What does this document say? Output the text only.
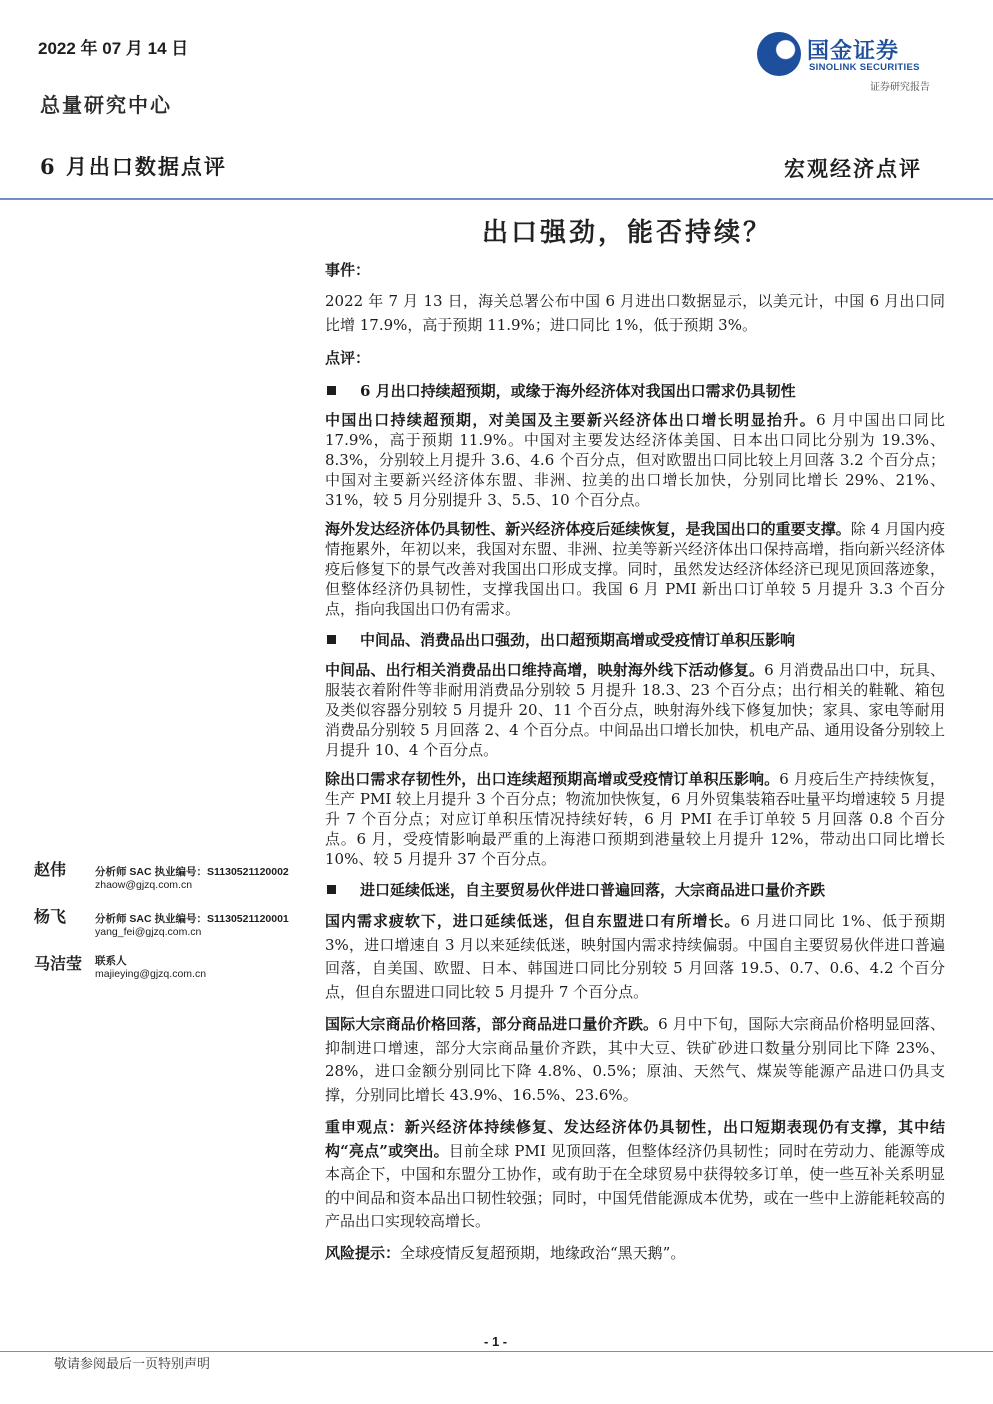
2022 年 07 月 14 日	国金证券
SINOLINK SECURITIES
证券研究报告
总量研究中心
6 月出口数据点评	宏观经济点评
出口强劲，能否持续？

事件：

2022 年 7 月 13 日，海关总署公布中国 6 月进出口数据显示，以美元计，中国 6 月出口同比增 17.9%，高于预期 11.9%；进口同比 1%，低于预期 3%。

点评：

6 月出口持续超预期，或缘于海外经济体对我国出口需求仍具韧性

中国出口持续超预期，对美国及主要新兴经济体出口增长明显抬升。6 月中国出口同比 17.9%，高于预期 11.9%。中国对主要发达经济体美国、日本出口同比分别为 19.3%、8.3%，分别较上月提升 3.6、4.6 个百分点，但对欧盟出口同比较上月回落 3.2 个百分点；中国对主要新兴经济体东盟、非洲、拉美的出口增长加快，分别同比增长 29%、21%、31%，较 5 月分别提升 3、5.5、10 个百分点。

海外发达经济体仍具韧性、新兴经济体疫后延续恢复，是我国出口的重要支撑。除 4 月国内疫情拖累外，年初以来，我国对东盟、非洲、拉美等新兴经济体出口保持高增，指向新兴经济体疫后修复下的景气改善对我国出口形成支撑。同时，虽然发达经济体经济已现见顶回落迹象，但整体经济仍具韧性，支撑我国出口。我国 6 月 PMI 新出口订单较 5 月提升 3.3 个百分点，指向我国出口仍有需求。

中间品、消费品出口强劲，出口超预期高增或受疫情订单积压影响

中间品、出行相关消费品出口维持高增，映射海外线下活动修复。6 月消费品出口中，玩具、服装衣着附件等非耐用消费品分别较 5 月提升 18.3、23 个百分点；出行相关的鞋靴、箱包及类似容器分别较 5 月提升 20、11 个百分点，映射海外线下修复加快；家具、家电等耐用消费品分别较 5 月回落 2、4 个百分点。中间品出口增长加快，机电产品、通用设备分别较上月提升 10、4 个百分点。

除出口需求存韧性外，出口连续超预期高增或受疫情订单积压影响。6 月疫后生产持续恢复，生产 PMI 较上月提升 3 个百分点；物流加快恢复，6 月外贸集装箱吞吐量平均增速较 5 月提升 7 个百分点；对应订单积压情况持续好转，6 月 PMI 在手订单较 5 月回落 0.8 个百分点。6 月，受疫情影响最严重的上海港口预期到港量较上月提升 12%，带动出口同比增长 10%、较 5 月提升 37 个百分点。

进口延续低迷，自主要贸易伙伴进口普遍回落，大宗商品进口量价齐跌

国内需求疲软下，进口延续低迷，但自东盟进口有所增长。6 月进口同比 1%、低于预期 3%，进口增速自 3 月以来延续低迷，映射国内需求持续偏弱。中国自主要贸易伙伴进口普遍回落，自美国、欧盟、日本、韩国进口同比分别较 5 月回落 19.5、0.7、0.6、4.2 个百分点，但自东盟进口同比较 5 月提升 7 个百分点。

国际大宗商品价格回落，部分商品进口量价齐跌。6 月中下旬，国际大宗商品价格明显回落、抑制进口增速，部分大宗商品量价齐跌，其中大豆、铁矿砂进口数量分别同比下降 23%、28%，进口金额分别同比下降 4.8%、0.5%；原油、天然气、煤炭等能源产品进口仍具支撑，分别同比增长 43.9%、16.5%、23.6%。

重申观点：新兴经济体持续修复、发达经济体仍具韧性，出口短期表现仍有支撑，其中结构“亮点”或突出。目前全球 PMI 见顶回落，但整体经济仍具韧性；同时在劳动力、能源等成本高企下，中国和东盟分工协作，或有助于在全球贸易中获得较多订单，使一些互补关系明显的中间品和资本品出口韧性较强；同时，中国凭借能源成本优势，或在一些中上游能耗较高的产品出口实现较高增长。

风险提示：全球疫情反复超预期，地缘政治“黑天鹅”。

赵伟	分析师 SAC 执业编号：S1130521120002
zhaow@gjzq.com.cn
杨飞	分析师 SAC 执业编号：S1130521120001
yang_fei@gjzq.com.cn
马洁莹 联系人
majieying@gjzq.com.cn
- 1 -
敬请参阅最后一页特别声明
